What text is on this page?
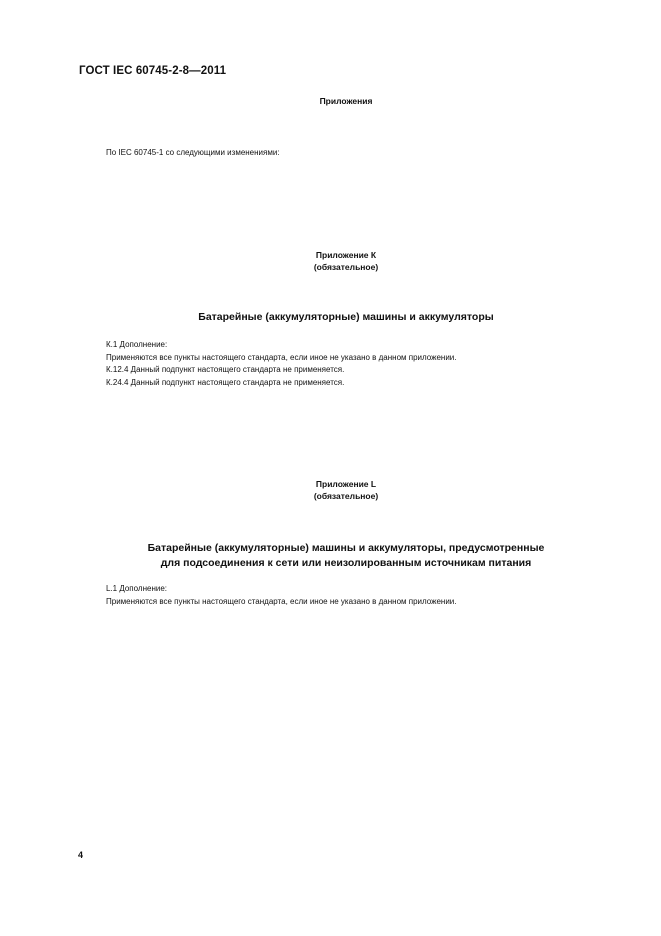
ГОСТ IEC 60745-2-8—2011
Приложения
По IEC 60745-1 со следующими изменениями:
Приложение К
(обязательное)
Батарейные (аккумуляторные) машины и аккумуляторы
К.1 Дополнение:
Применяются все пункты настоящего стандарта, если иное не указано в данном приложении.
К.12.4 Данный подпункт настоящего стандарта не применяется.
К.24.4 Данный подпункт настоящего стандарта не применяется.
Приложение L
(обязательное)
Батарейные (аккумуляторные) машины и аккумуляторы, предусмотренные
для подсоединения к сети или неизолированным источникам питания
L.1 Дополнение:
Применяются все пункты настоящего стандарта, если иное не указано в данном приложении.
4
